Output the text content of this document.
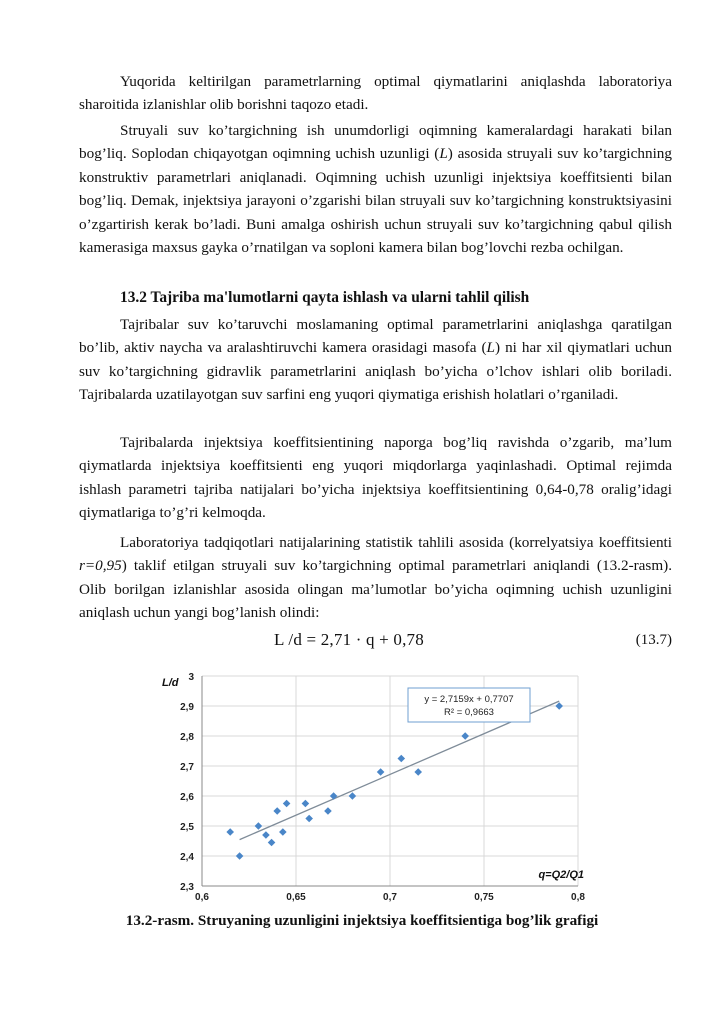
Yuqorida keltirilgan parametrlarning optimal qiymatlarini aniqlashda laboratoriya sharoitida izlanishlar olib borishni taqozo etadi.

Struyali suv ko’targichning ish unumdorligi oqimning kameralardagi harakati bilan bog’liq. Soplodan chiqayotgan oqimning uchish uzunligi (L) asosida struyali suv ko’targichning konstruktiv parametrlari aniqlanadi. Oqimning uchish uzunligi injektsiya koeffitsienti bilan bog’liq. Demak, injektsiya jarayoni o’zgarishi bilan struyali suv ko’targichning konstruktsiyasini o’zgartirish kerak bo’ladi. Buni amalga oshirish uchun struyali suv ko’targichning qabul qilish kamerasiga maxsus gayka o’rnatilgan va soploni kamera bilan bog’lovchi rezba ochilgan.

13.2 Tajriba ma'lumotlarni qayta ishlash va ularni tahlil qilish

Tajribalar suv ko’taruvchi moslamaning optimal parametrlarini aniqlashga qaratilgan bo’lib, aktiv naycha va aralashtiruvchi kamera orasidagi masofa (L) ni har xil qiymatlari uchun suv ko’targichning gidravlik parametrlarini aniqlash bo’yicha o’lchov ishlari olib boriladi. Tajribalarda uzatilayotgan suv sarfini eng yuqori qiymatiga erishish holatlari o’rganiladi.

Tajribalarda injektsiya koeffitsientining naporga bog’liq ravishda o’zgarib, ma’lum qiymatlarda injektsiya koeffitsienti eng yuqori miqdorlarga yaqinlashadi. Optimal rejimda ishlash parametri tajriba natijalari bo’yicha injektsiya koeffitsientining 0,64-0,78 oralig’idagi qiymatlariga to’g’ri kelmoqda.

Laboratoriya tadqiqotlari natijalarining statistik tahlili asosida (korrelyatsiya koeffitsienti r=0,95) taklif etilgan struyali suv ko’targichning optimal parametrlari aniqlandi (13.2-rasm). Olib borilgan izlanishlar asosida olingan ma’lumotlar bo’yicha oqimning uchish uzunligini aniqlash uchun yangi bog’lanish olindi:

L /d = 2,71 · q + 0,78	(13.7)
2,3
2,4
2,5
2,6
2,7
2,8
2,9
3
0,6	0,65	0,7	0,75	0,8
L/d
q=Q2/Q1
y = 2,7159x + 0,7707
R² = 0,9663

13.2-rasm. Struyaning uzunligini injektsiya koeffitsientiga bog’lik grafigi
